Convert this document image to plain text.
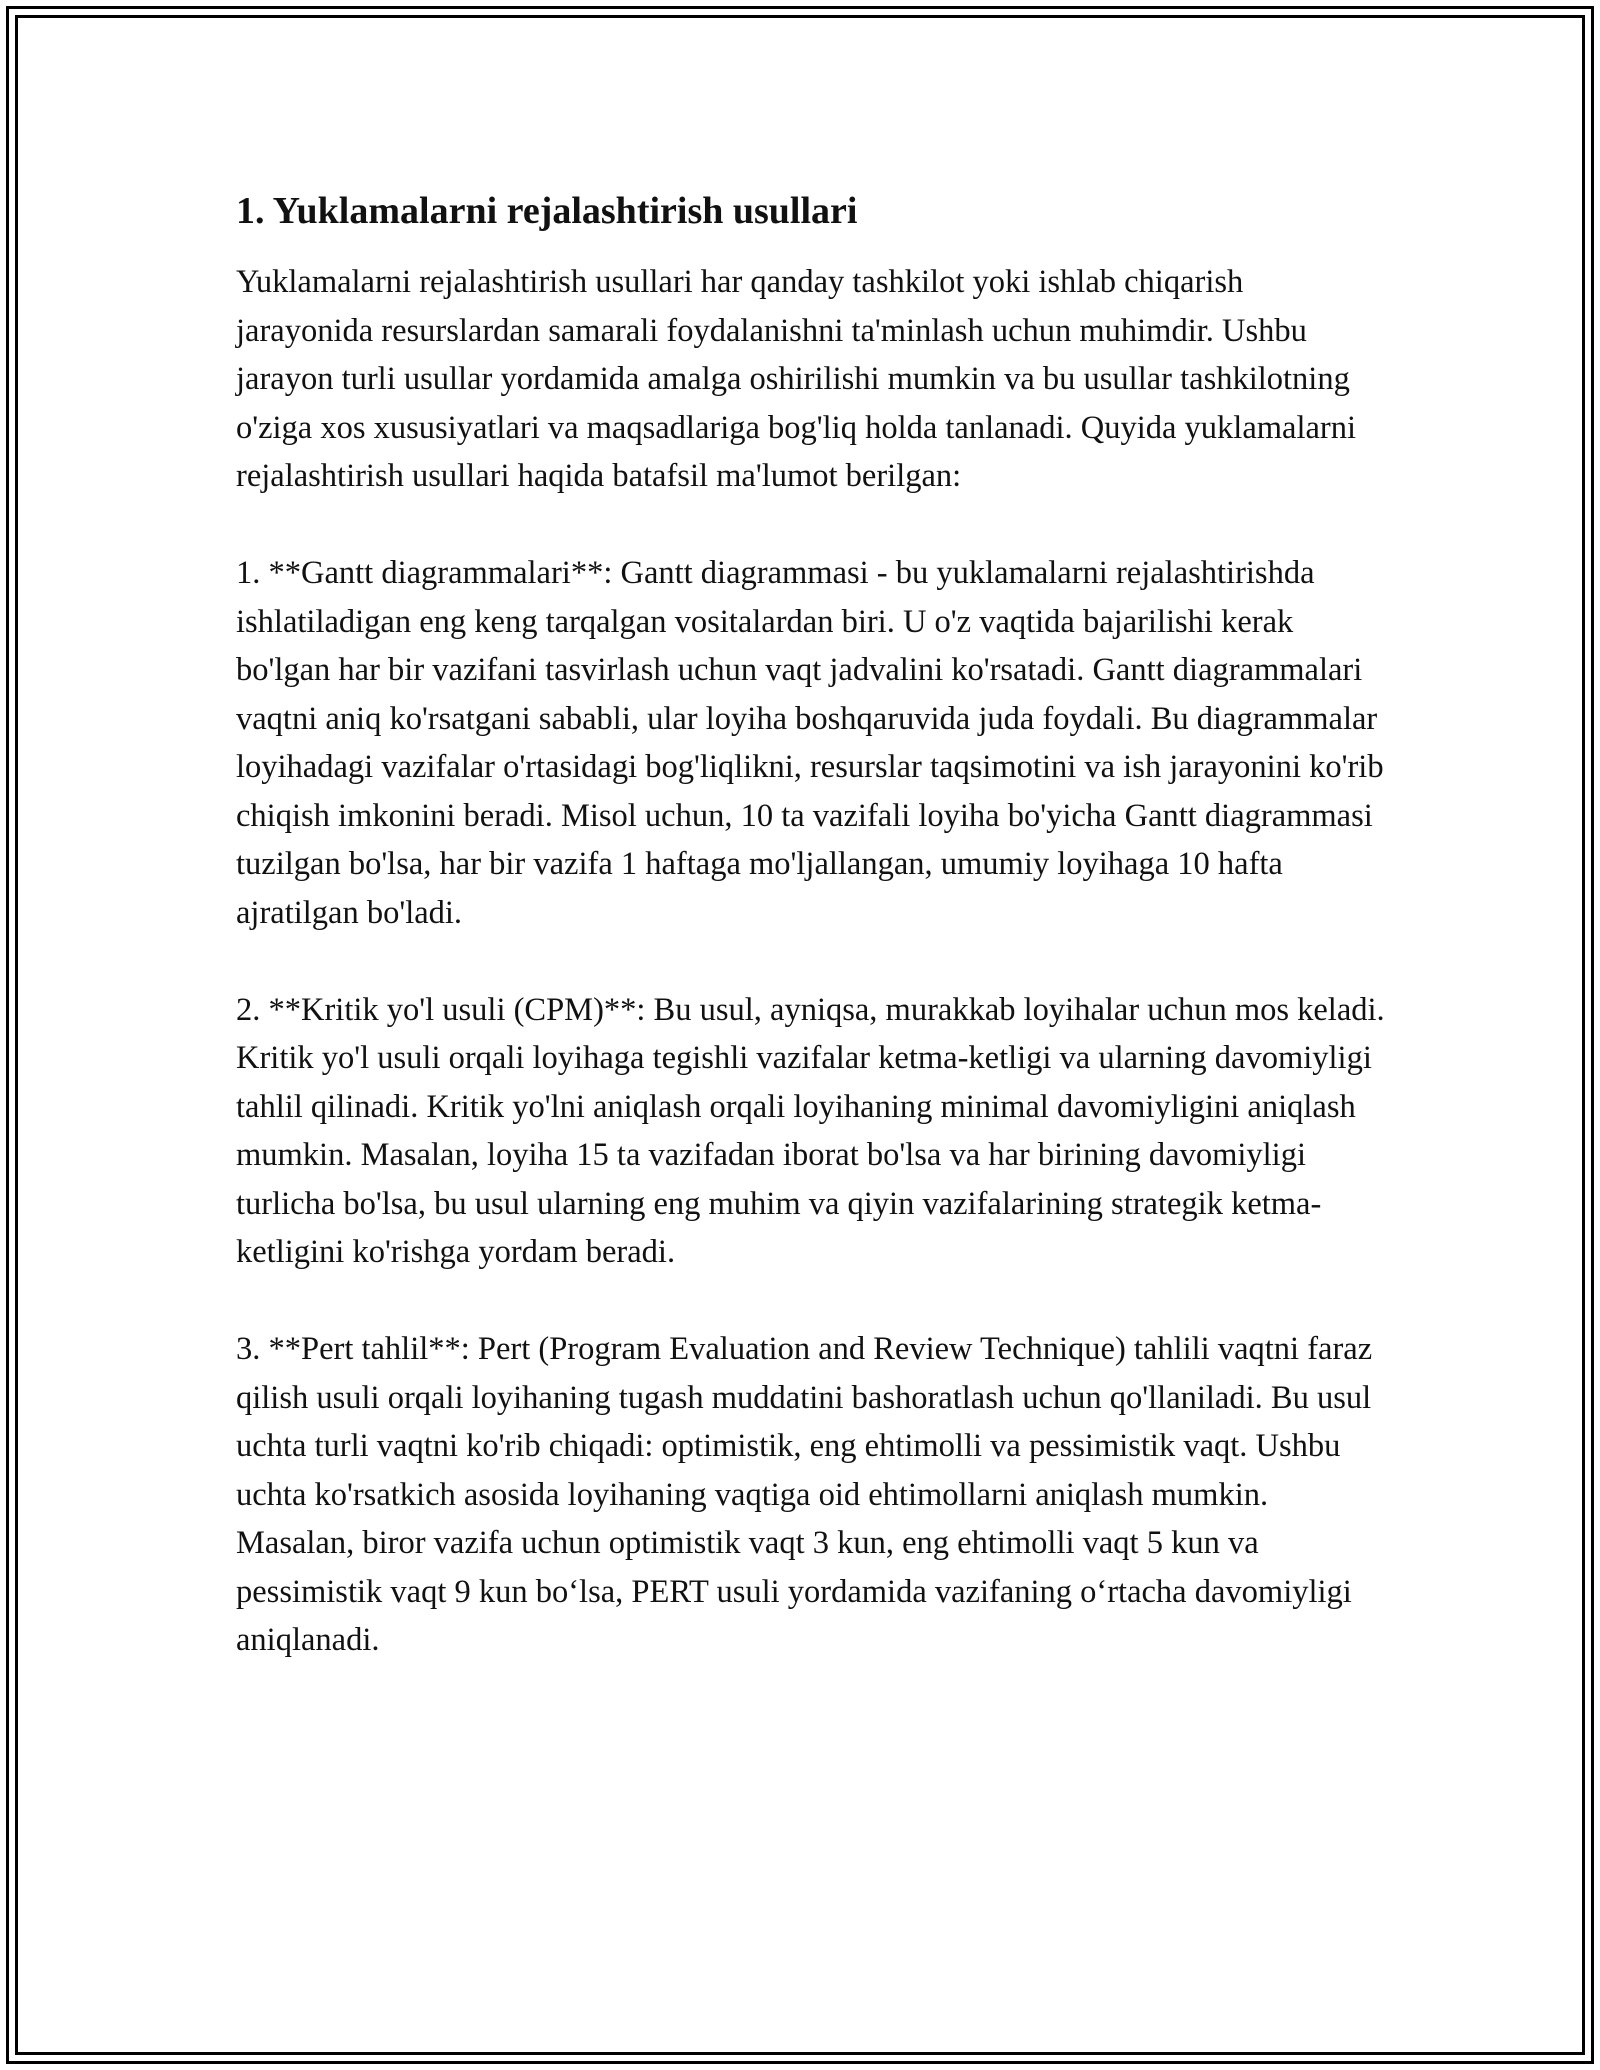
1. Yuklamalarni rejalashtirish usullari

Yuklamalarni rejalashtirish usullari har qanday tashkilot yoki ishlab chiqarish jarayonida resurslardan samarali foydalanishni ta'minlash uchun muhimdir. Ushbu jarayon turli usullar yordamida amalga oshirilishi mumkin va bu usullar tashkilotning o'ziga xos xususiyatlari va maqsadlariga bog'liq holda tanlanadi. Quyida yuklamalarni rejalashtirish usullari haqida batafsil ma'lumot berilgan:

1. **Gantt diagrammalari**: Gantt diagrammasi - bu yuklamalarni rejalashtirishda ishlatiladigan eng keng tarqalgan vositalardan biri. U o'z vaqtida bajarilishi kerak bo'lgan har bir vazifani tasvirlash uchun vaqt jadvalini ko'rsatadi. Gantt diagrammalari vaqtni aniq ko'rsatgani sababli, ular loyiha boshqaruvida juda foydali. Bu diagrammalar loyihadagi vazifalar o'rtasidagi bog'liqlikni, resurslar taqsimotini va ish jarayonini ko'rib chiqish imkonini beradi. Misol uchun, 10 ta vazifali loyiha bo'yicha Gantt diagrammasi tuzilgan bo'lsa, har bir vazifa 1 haftaga mo'ljallangan, umumiy loyihaga 10 hafta ajratilgan bo'ladi.

2. **Kritik yo'l usuli (CPM)**: Bu usul, ayniqsa, murakkab loyihalar uchun mos keladi. Kritik yo'l usuli orqali loyihaga tegishli vazifalar ketma-ketligi va ularning davomiyligi tahlil qilinadi. Kritik yo'lni aniqlash orqali loyihaning minimal davomiyligini aniqlash mumkin. Masalan, loyiha 15 ta vazifadan iborat bo'lsa va har birining davomiyligi turlicha bo'lsa, bu usul ularning eng muhim va qiyin vazifalarining strategik ketma-ketligini ko'rishga yordam beradi.

3. **Pert tahlil**: Pert (Program Evaluation and Review Technique) tahlili vaqtni faraz qilish usuli orqali loyihaning tugash muddatini bashoratlash uchun qo'llaniladi. Bu usul uchta turli vaqtni ko'rib chiqadi: optimistik, eng ehtimolli va pessimistik vaqt. Ushbu uchta ko'rsatkich asosida loyihaning vaqtiga oid ehtimollarni aniqlash mumkin. Masalan, biror vazifa uchun optimistik vaqt 3 kun, eng ehtimolli vaqt 5 kun va pessimistik vaqt 9 kun bo‘lsa, PERT usuli yordamida vazifaning o‘rtacha davomiyligi aniqlanadi.
